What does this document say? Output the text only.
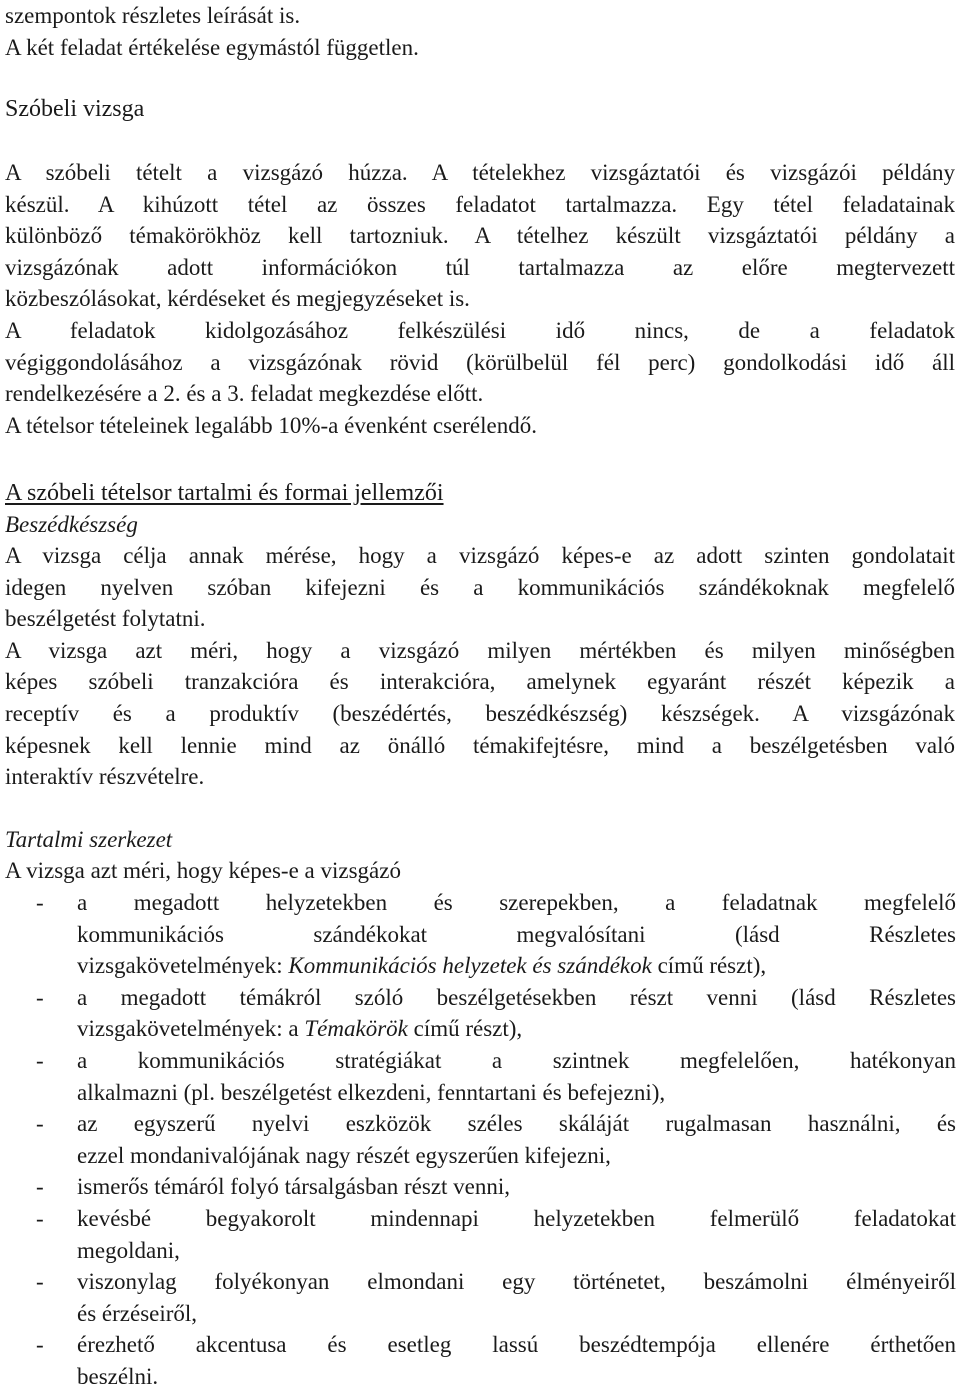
szempontok részletes leírását is.
A két feladat értékelése egymástól független.
Szóbeli vizsga
A szóbeli tételt a vizsgázó húzza. A tételekhez vizsgáztatói és vizsgázói példány
készül. A kihúzott tétel az összes feladatot tartalmazza. Egy tétel feladatainak
különböző témakörökhöz kell tartozniuk. A tételhez készült vizsgáztatói példány a
vizsgázónak adott információkon túl tartalmazza az előre megtervezett
közbeszólásokat, kérdéseket és megjegyzéseket is.
A feladatok kidolgozásához felkészülési idő nincs, de a feladatok
végiggondolásához a vizsgázónak rövid (körülbelül fél perc) gondolkodási idő áll
rendelkezésére a 2. és a 3. feladat megkezdése előtt.
A tételsor tételeinek legalább 10%-a évenként cserélendő.
A szóbeli tételsor tartalmi és formai jellemzői
Beszédkészség
A vizsga célja annak mérése, hogy a vizsgázó képes-e az adott szinten gondolatait
idegen nyelven szóban kifejezni és a kommunikációs szándékoknak megfelelő
beszélgetést folytatni.
A vizsga azt méri, hogy a vizsgázó milyen mértékben és milyen minőségben
képes szóbeli tranzakcióra és interakcióra, amelynek egyaránt részét képezik a
receptív és a produktív (beszédértés, beszédkészség) készségek. A vizsgázónak
képesnek kell lennie mind az önálló témakifejtésre, mind a beszélgetésben való
interaktív részvételre.
Tartalmi szerkezet
A vizsga azt méri, hogy képes-e a vizsgázó
- a megadott helyzetekben és szerepekben, a feladatnak megfelelő
kommunikációs szándékokat megvalósítani (lásd Részletes
vizsgakövetelmények: Kommunikációs helyzetek és szándékok című részt),
- a megadott témákról szóló beszélgetésekben részt venni (lásd Részletes
vizsgakövetelmények: a Témakörök című részt),
- a kommunikációs stratégiákat a szintnek megfelelően, hatékonyan
alkalmazni (pl. beszélgetést elkezdeni, fenntartani és befejezni),
- az egyszerű nyelvi eszközök széles skáláját rugalmasan használni, és
ezzel mondanivalójának nagy részét egyszerűen kifejezni,
- ismerős témáról folyó társalgásban részt venni,
- kevésbé begyakorolt mindennapi helyzetekben felmerülő feladatokat
megoldani,
- viszonylag folyékonyan elmondani egy történetet, beszámolni élményeiről
és érzéseiről,
- érezhető akcentusa és esetleg lassú beszédtempója ellenére érthetően
beszélni.
